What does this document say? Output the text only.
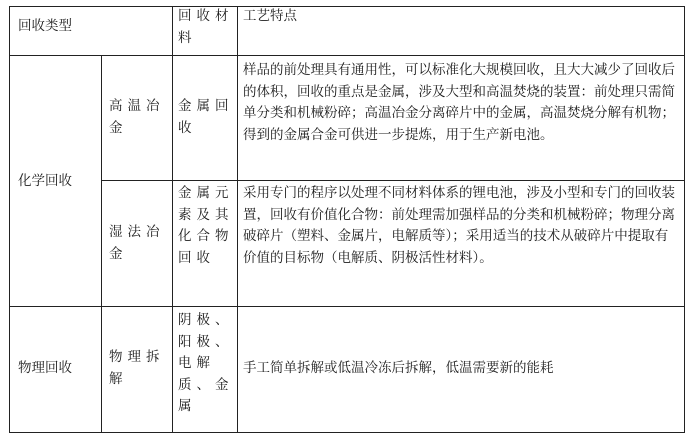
回收类型
回收材料
工艺特点
化学回收
高温冶金
金属回收
样品的前处理具有通用性，可以标准化大规模回收，且大大减少了回收后的体积，回收的重点是金属，涉及大型和高温焚烧的装置：前处理只需简单分类和机械粉碎；高温冶金分离碎片中的金属，高温焚烧分解有机物；得到的金属合金可供进一步提炼，用于生产新电池。
湿法冶金
金属元素及其化合物回收
采用专门的程序以处理不同材料体系的锂电池，涉及小型和专门的回收装置，回收有价值化合物：前处理需加强样品的分类和机械粉碎；物理分离破碎片（塑料、金属片，电解质等）；采用适当的技术从破碎片中提取有价值的目标物（电解质、阴极活性材料）。
物理回收
物理拆解
阴极、阳极、电解质、金属
手工简单拆解或低温冷冻后拆解，低温需要新的能耗
